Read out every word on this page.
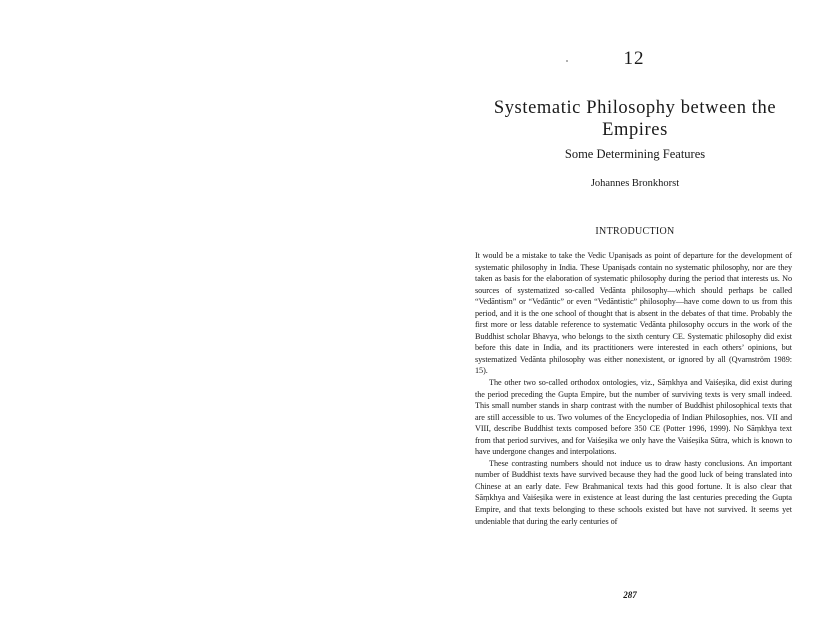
12
Systematic Philosophy between the Empires
Some Determining Features
Johannes Bronkhorst
INTRODUCTION

It would be a mistake to take the Vedic Upaniṣads as point of departure for the development of systematic philosophy in India. These Upaniṣads contain no systematic philosophy, nor are they taken as basis for the elaboration of systematic philosophy during the period that interests us. No sources of systematized so-called Vedānta philosophy—which should perhaps be called “Vedāntism” or “Vedāntic” or even “Vedāntistic” philosophy—have come down to us from this period, and it is the one school of thought that is absent in the debates of that time. Probably the first more or less datable reference to systematic Vedānta philosophy occurs in the work of the Buddhist scholar Bhavya, who belongs to the sixth century CE. Systematic philosophy did exist before this date in India, and its practitioners were interested in each others’ opinions, but systematized Vedānta philosophy was either nonexistent, or ignored by all (Qvarnström 1989: 15).

The other two so-called orthodox ontologies, viz., Sāṃkhya and Vaiśeṣika, did exist during the period preceding the Gupta Empire, but the number of surviving texts is very small indeed. This small number stands in sharp contrast with the number of Buddhist philosophical texts that are still accessible to us. Two volumes of the Encyclopedia of Indian Philosophies, nos. VII and VIII, describe Buddhist texts composed before 350 CE (Potter 1996, 1999). No Sāṃkhya text from that period survives, and for Vaiśeṣika we only have the Vaiśeṣika Sūtra, which is known to have undergone changes and interpolations.

These contrasting numbers should not induce us to draw hasty conclusions. An important number of Buddhist texts have survived because they had the good luck of being translated into Chinese at an early date. Few Brahmanical texts had this good fortune. It is also clear that Sāṃkhya and Vaiśeṣika were in existence at least during the last centuries preceding the Gupta Empire, and that texts belonging to these schools existed but have not survived. It seems yet undeniable that during the early centuries of

287
